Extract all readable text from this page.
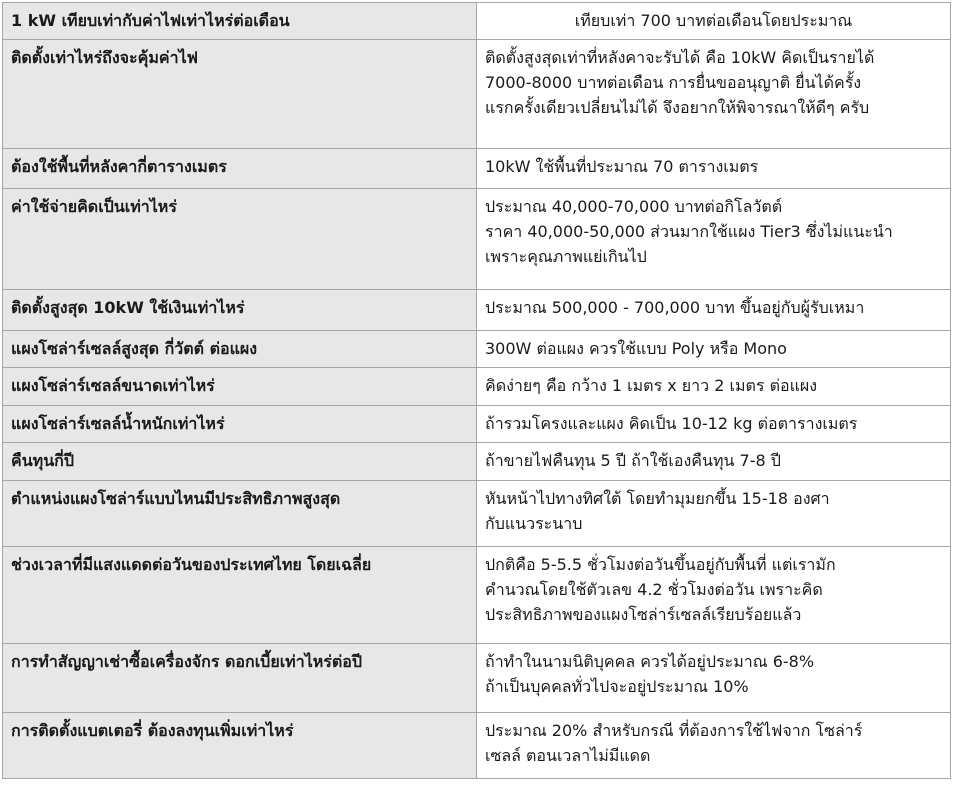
1 kW เทียบเท่ากับค่าไฟเท่าไหร่ต่อเดือน	เทียบเท่า 700 บาทต่อเดือนโดยประมาณ

ติดตั้งเท่าไหร่ถึงจะคุ้มค่าไฟ	ติดตั้งสูงสุดเท่าที่หลังคาจะรับได้ คือ 10kW คิดเป็นรายได้
7000-8000 บาทต่อเดือน การยื่นขออนุญาติ ยื่นได้ครั้ง
แรกครั้งเดียวเปลี่ยนไม่ได้ จึงอยากให้พิจารณาให้ดีๆ ครับ

ต้องใช้พื้นที่หลังคากี่ตารางเมตร	10kW ใช้พื้นที่ประมาณ 70 ตารางเมตร

ค่าใช้จ่ายคิดเป็นเท่าไหร่	ประมาณ 40,000-70,000 บาทต่อกิโลวัตต์
ราคา 40,000-50,000 ส่วนมากใช้แผง Tier3 ซึ่งไม่แนะนำ
เพราะคุณภาพแย่เกินไป

ติดตั้งสูงสุด 10kW ใช้เงินเท่าไหร่	ประมาณ 500,000 - 700,000 บาท ขึ้นอยู่กับผู้รับเหมา

แผงโซล่าร์เซลล์สูงสุด กี่วัตต์ ต่อแผง	300W ต่อแผง ควรใช้แบบ Poly หรือ Mono

แผงโซล่าร์เซลล์ขนาดเท่าไหร่	คิดง่ายๆ คือ กว้าง 1 เมตร x ยาว 2 เมตร ต่อแผง

แผงโซล่าร์เซลล์น้ำหนักเท่าไหร่	ถ้ารวมโครงและแผง คิดเป็น 10-12 kg ต่อตารางเมตร

คืนทุนกี่ปี	ถ้าขายไฟคืนทุน 5 ปี ถ้าใช้เองคืนทุน 7-8 ปี

ตำแหน่งแผงโซล่าร์แบบไหนมีประสิทธิภาพสูงสุด	หันหน้าไปทางทิศใต้ โดยทำมุมยกขึ้น 15-18 องศา
กับแนวระนาบ

ช่วงเวลาที่มีแสงแดดต่อวันของประเทศไทย โดยเฉลี่ย	ปกติคือ 5-5.5 ชั่วโมงต่อวันขึ้นอยู่กับพื้นที่ แต่เรามัก
คำนวณโดยใช้ตัวเลข 4.2 ชั่วโมงต่อวัน เพราะคิด
ประสิทธิภาพของแผงโซล่าร์เซลล์เรียบร้อยแล้ว

การทำสัญญาเช่าซื้อเครื่องจักร ดอกเบี้ยเท่าไหร่ต่อปี	ถ้าทำในนามนิติบุคคล ควรได้อยู่ประมาณ 6-8%
ถ้าเป็นบุคคลทั่วไปจะอยู่ประมาณ 10%

การติดตั้งแบตเตอรี่ ต้องลงทุนเพิ่มเท่าไหร่	ประมาณ 20% สำหรับกรณี ที่ต้องการใช้ไฟจาก โซล่าร์
เซลล์ ตอนเวลาไม่มีแดด
